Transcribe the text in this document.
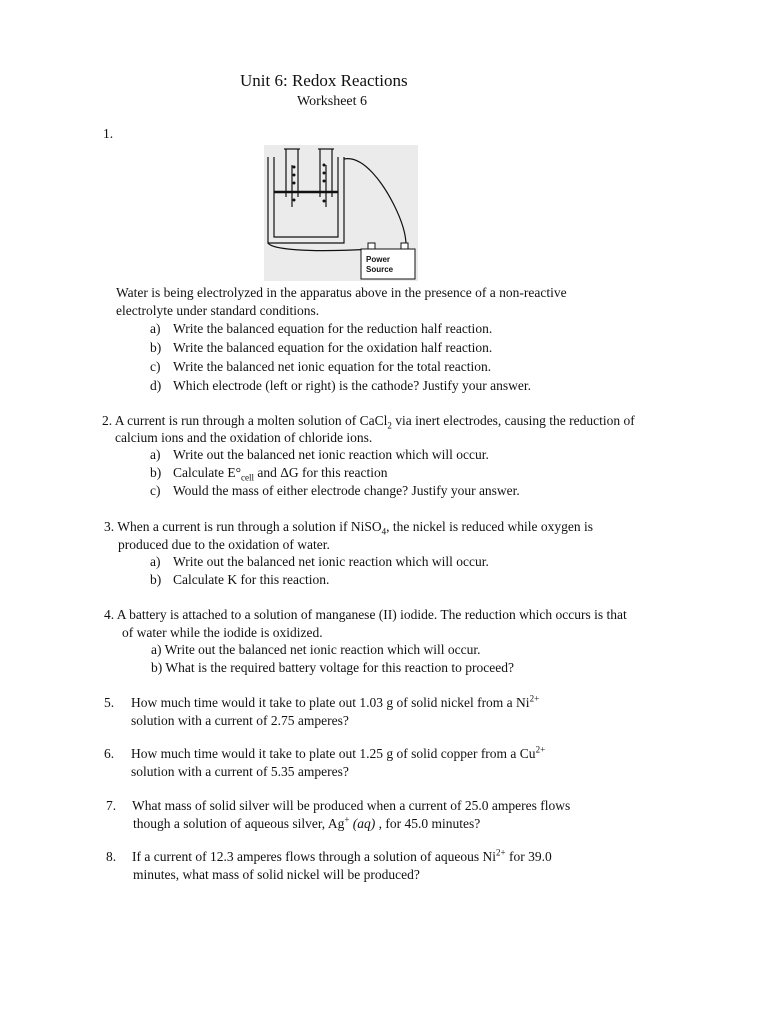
Unit 6: Redox Reactions
Worksheet 6
1.
Power
Source
Water is being electrolyzed in the apparatus above in the presence of a non-reactive
electrolyte under standard conditions.
a) Write the balanced equation for the reduction half reaction.
b) Write the balanced equation for the oxidation half reaction.
c) Write the balanced net ionic equation for the total reaction.
d) Which electrode (left or right) is the cathode? Justify your answer.
2. A current is run through a molten solution of CaCl$_2$ via inert electrodes, causing the reduction of
calcium ions and the oxidation of chloride ions.
a) Write out the balanced net ionic reaction which will occur.
b) Calculate $E^\circ_{cell}$ and ΔG for this reaction
c) Would the mass of either electrode change? Justify your answer.
3. When a current is run through a solution if NiSO$_4$, the nickel is reduced while oxygen is
produced due to the oxidation of water.
a) Write out the balanced net ionic reaction which will occur.
b) Calculate K for this reaction.
4. A battery is attached to a solution of manganese (II) iodide. The reduction which occurs is that
of water while the iodide is oxidized.
a) Write out the balanced net ionic reaction which will occur.
b) What is the required battery voltage for this reaction to proceed?
5. How much time would it take to plate out 1.03 g of solid nickel from a $Ni^{2+}$
solution with a current of 2.75 amperes?
6. How much time would it take to plate out 1.25 g of solid copper from a $Cu^{2+}$
solution with a current of 5.35 amperes?
7. What mass of solid silver will be produced when a current of 25.0 amperes flows
though a solution of aqueous silver, Ag+ (aq) , for 45.0 minutes?
8. If a current of 12.3 amperes flows through a solution of aqueous $Ni^{2+}$ for 39.0
minutes, what mass of solid nickel will be produced?
